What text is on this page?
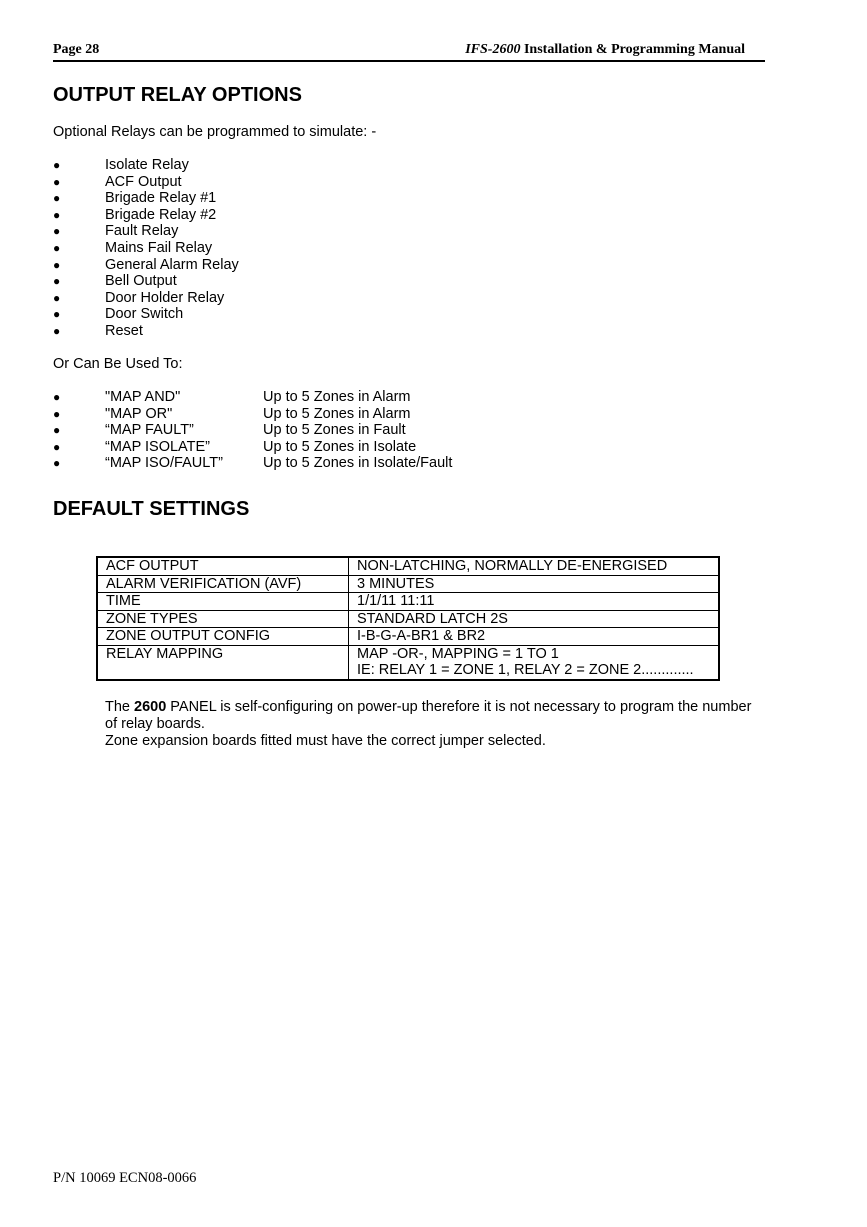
Page 28	IFS-2600 Installation & Programming Manual
OUTPUT RELAY OPTIONS

Optional Relays can be programmed to simulate: -

●	Isolate Relay
●	ACF Output
●	Brigade Relay #1
●	Brigade Relay #2
●	Fault Relay
●	Mains Fail Relay
●	General Alarm Relay
●	Bell Output
●	Door Holder Relay
●	Door Switch
●	Reset

Or Can Be Used To:

●	"MAP AND"	Up to 5 Zones in Alarm
●	"MAP OR"	Up to 5 Zones in Alarm
●	“MAP FAULT”	Up to 5 Zones in Fault
●	“MAP ISOLATE”	Up to 5 Zones in Isolate
●	“MAP ISO/FAULT”	Up to 5 Zones in Isolate/Fault
DEFAULT SETTINGS
ACF OUTPUT	NON-LATCHING, NORMALLY DE-ENERGISED

ALARM VERIFICATION (AVF)	3 MINUTES

TIME	1/1/11 11:11

ZONE TYPES	STANDARD LATCH 2S

ZONE OUTPUT CONFIG	I-B-G-A-BR1 & BR2

RELAY MAPPING	MAP -OR-, MAPPING = 1 TO 1
IE: RELAY 1 = ZONE 1, RELAY 2 = ZONE 2.............

The 2600 PANEL is self-configuring on power-up therefore it is not necessary to program the number of relay boards.
Zone expansion boards fitted must have the correct jumper selected.

P/N 10069 ECN08-0066
